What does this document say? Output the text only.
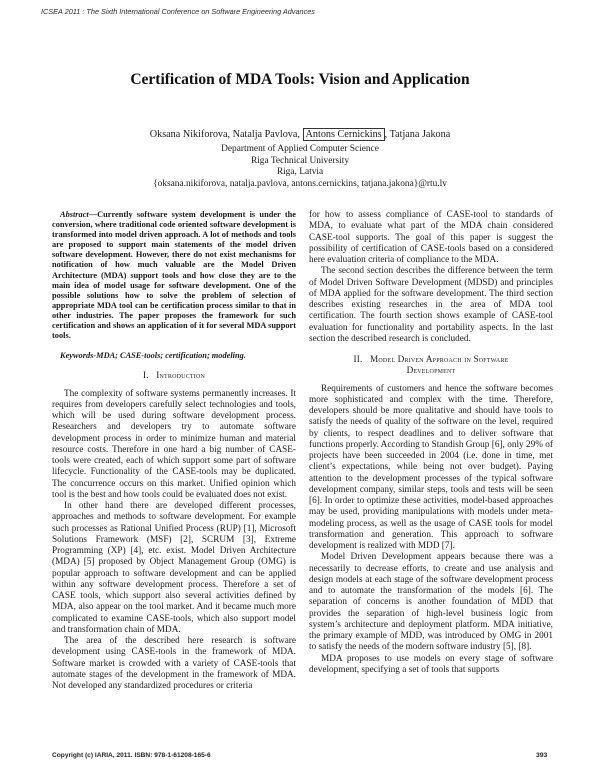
ICSEA 2011 : The Sixth International Conference on Software Engineering Advances
Certification of MDA Tools: Vision and Application
Oksana Nikiforova, Natalja Pavlova, Antons Cernickins , Tatjana Jakona
Department of Applied Computer Science
Riga Technical University
Riga, Latvia
{oksana.nikiforova, natalja.pavlova, antons.cernickins, tatjana.jakona}@rtu.lv

Abstract—Currently software system development is under the conversion, where traditional code oriented software development is transformed into model driven approach. A lot of methods and tools are proposed to support main statements of the model driven software development. However, there do not exist mechanisms for notification of how much valuable are the Model Driven Architecture (MDA) support tools and how close they are to the main idea of model usage for software development. One of the possible solutions how to solve the problem of selection of appropriate MDA tool can be certification process similar to that in other industries. The paper proposes the framework for such certification and shows an application of it for several MDA support tools.

Keywords-MDA; CASE-tools; certification; modeling.

I. Introduction

The complexity of software systems permanently increases. It requires from developers carefully select technologies and tools, which will be used during software development process. Researchers and developers try to automate software development process in order to minimize human and material resource costs. Therefore in one hard a big number of CASE-tools were created, each of which support some part of software lifecycle. Functionality of the CASE-tools may be duplicated. The concurrence occurs on this market. Unified opinion which tool is the best and how tools could be evaluated does not exist.

In other hand there are developed different processes, approaches and methods to software development. For example such processes as Rational Unified Process (RUP) [1], Microsoft Solutions Framework (MSF) [2], SCRUM [3], Extreme Programming (XP) [4], etc. exist. Model Driven Architecture (MDA) [5] proposed by Object Management Group (OMG) is popular approach to software development and can be applied within any software development process. Therefore a set of CASE tools, which support also several activities defined by MDA, also appear on the tool market. And it became much more complicated to examine CASE-tools, which also support model and transformation chain of MDA.

The area of the described here research is software development using CASE-tools in the framework of MDA. Software market is crowded with a variety of CASE-tools that automate stages of the development in the framework of MDA. Not developed any standardized procedures or criteria

for how to assess compliance of CASE-tool to standards of MDA, to evaluate what part of the MDA chain considered CASE-tool supports. The goal of this paper is suggest the possibility of certification of CASE-tools based on a considered here evaluation criteria of compliance to the MDA.

The second section describes the difference between the term of Model Driven Software Development (MDSD) and principles of MDA applied for the software development. The third section describes existing researches in the area of MDA tool certification. The fourth section shows example of CASE-tool evaluation for functionality and portability aspects. In the last section the described research is concluded.

II. Model Driven Approach in Software
Development

Requirements of customers and hence the software becomes more sophisticated and complex with the time. Therefore, developers should be more qualitative and should have tools to satisfy the needs of quality of the software on the level, required by clients, to respect deadlines and to deliver software that functions properly. According to Standish Group [6], only 29% of projects have been succeeded in 2004 (i.e. done in time, met client’s expectations, while being not over budget). Paying attention to the development processes of the typical software development company, similar steps, tools and tests will be seen [6]. In order to optimize these activities, model-based approaches may be used, providing manipulations with models under meta-modeling process, as well as the usage of CASE tools for model transformation and generation. This approach to software development is realized with MDD [7].

Model Driven Development appears because there was a necessarily to decrease efforts, to create and use analysis and design models at each stage of the software development process and to automate the transformation of the models [6]. The separation of concerns is another foundation of MDD that provides the separation of high-level business logic from system’s architecture and deployment platform. MDA initiative, the primary example of MDD, was introduced by OMG in 2001 to satisfy the needs of the modern software industry [5], [8].

MDA proposes to use models on every stage of software development, specifying a set of tools that supports

Copyright (c) IARIA, 2011. ISBN: 978-1-61208-165-6	393
